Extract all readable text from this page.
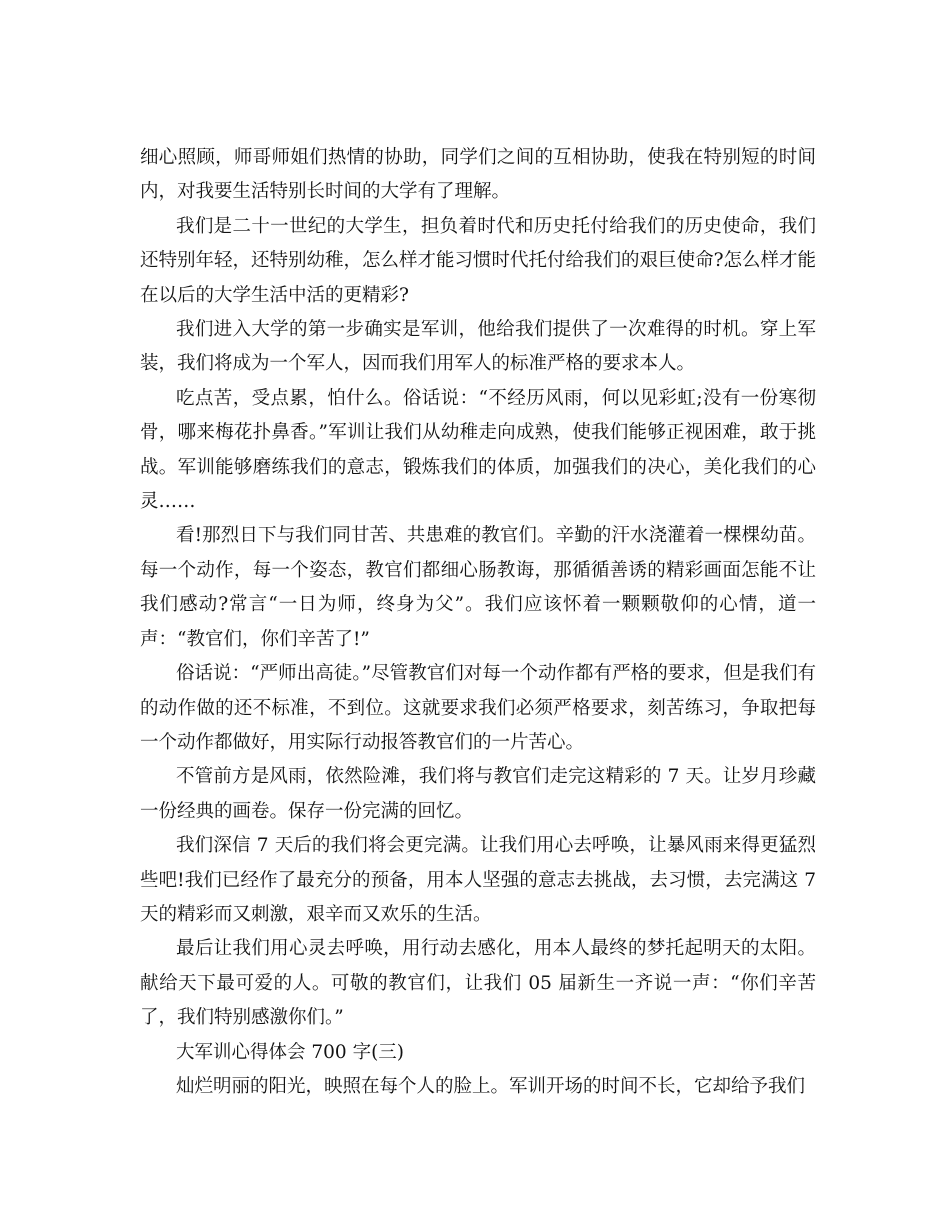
细心照顾，师哥师姐们热情的协助，同学们之间的互相协助，使我在特别短的时间内，对我要生活特别长时间的大学有了理解。

我们是二十一世纪的大学生，担负着时代和历史托付给我们的历史使命，我们还特别年轻，还特别幼稚，怎么样才能习惯时代托付给我们的艰巨使命?怎么样才能在以后的大学生活中活的更精彩?

我们进入大学的第一步确实是军训，他给我们提供了一次难得的时机。穿上军装，我们将成为一个军人，因而我们用军人的标准严格的要求本人。

吃点苦，受点累，怕什么。俗话说：“不经历风雨，何以见彩虹;没有一份寒彻骨，哪来梅花扑鼻香。”军训让我们从幼稚走向成熟，使我们能够正视困难，敢于挑战。军训能够磨练我们的意志，锻炼我们的体质，加强我们的决心，美化我们的心灵……

看!那烈日下与我们同甘苦、共患难的教官们。辛勤的汗水浇灌着一棵棵幼苗。每一个动作，每一个姿态，教官们都细心肠教诲，那循循善诱的精彩画面怎能不让我们感动?常言“一日为师，终身为父”。我们应该怀着一颗颗敬仰的心情，道一声：“教官们，你们辛苦了!”

俗话说：“严师出高徒。”尽管教官们对每一个动作都有严格的要求，但是我们有的动作做的还不标准，不到位。这就要求我们必须严格要求，刻苦练习，争取把每一个动作都做好，用实际行动报答教官们的一片苦心。

不管前方是风雨，依然险滩，我们将与教官们走完这精彩的 7 天。让岁月珍藏一份经典的画卷。保存一份完满的回忆。

我们深信 7 天后的我们将会更完满。让我们用心去呼唤，让暴风雨来得更猛烈些吧!我们已经作了最充分的预备，用本人坚强的意志去挑战，去习惯，去完满这 7 天的精彩而又刺激，艰辛而又欢乐的生活。

最后让我们用心灵去呼唤，用行动去感化，用本人最终的梦托起明天的太阳。献给天下最可爱的人。可敬的教官们，让我们 05 届新生一齐说一声：“你们辛苦了，我们特别感激你们。”

大军训心得体会 700 字(三)

灿烂明丽的阳光，映照在每个人的脸上。军训开场的时间不长，它却给予我们
